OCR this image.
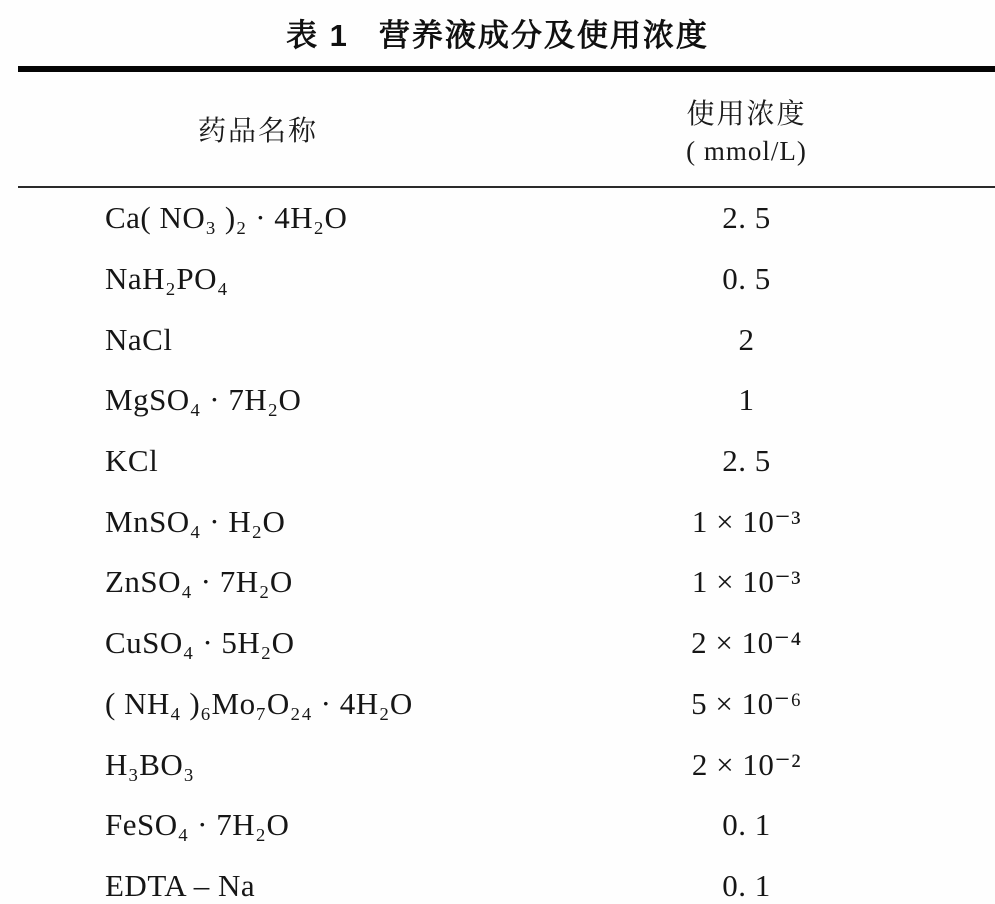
表 1 营养液成分及使用浓度
药品名称	使用浓度
( mmol/L)

Ca( NO₃ )₂ · 4H₂O	2. 5
NaH₂PO₄	0. 5
NaCl	2
MgSO₄ · 7H₂O	1
KCl	2. 5
MnSO₄ · H₂O	1 × 10⁻³
ZnSO₄ · 7H₂O	1 × 10⁻³
CuSO₄ · 5H₂O	2 × 10⁻⁴
( NH₄ )₆Mo₇O₂₄ · 4H₂O	5 × 10⁻⁶
H₃BO₃	2 × 10⁻²
FeSO₄ · 7H₂O	0. 1
EDTA – Na	0. 1
